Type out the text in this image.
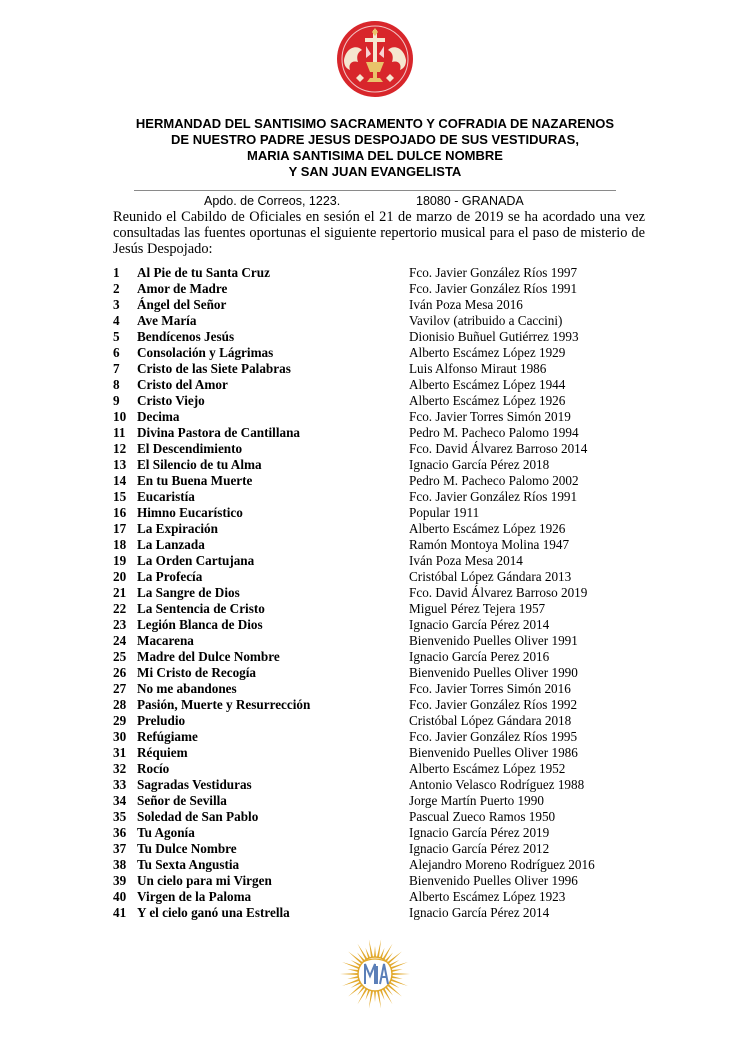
HERMANDAD DEL SANTISIMO SACRAMENTO Y COFRADIA DE NAZARENOS
DE NUESTRO PADRE JESUS DESPOJADO DE SUS VESTIDURAS,
MARIA SANTISIMA DEL DULCE NOMBRE
Y SAN JUAN EVANGELISTA
Apdo. de Correos, 1223.	18080 - GRANADA

Reunido el Cabildo de Oficiales en sesión el 21 de marzo de 2019 se ha acordado una vez consultadas las fuentes oportunas el siguiente repertorio musical para el paso de misterio de Jesús Despojado:

1 Al Pie de tu Santa Cruz	Fco. Javier González Ríos 1997
2 Amor de Madre	Fco. Javier González Ríos 1991
3 Ángel del Señor	Iván Poza Mesa 2016
4 Ave María	Vavilov (atribuido a Caccini)
5 Bendícenos Jesús	Dionisio Buñuel Gutiérrez 1993
6 Consolación y Lágrimas	Alberto Escámez López 1929
7 Cristo de las Siete Palabras	Luis Alfonso Miraut 1986
8 Cristo del Amor	Alberto Escámez López 1944
9 Cristo Viejo	Alberto Escámez López 1926
10 Decima	Fco. Javier Torres Simón 2019
11 Divina Pastora de Cantillana	Pedro M. Pacheco Palomo 1994
12 El Descendimiento	Fco. David Álvarez Barroso 2014
13 El Silencio de tu Alma	Ignacio García Pérez 2018
14 En tu Buena Muerte	Pedro M. Pacheco Palomo 2002
15 Eucaristía	Fco. Javier González Ríos 1991
16 Himno Eucarístico	Popular 1911
17 La Expiración	Alberto Escámez López 1926
18 La Lanzada	Ramón Montoya Molina 1947
19 La Orden Cartujana	Iván Poza Mesa 2014
20 La Profecía	Cristóbal López Gándara 2013
21 La Sangre de Dios	Fco. David Álvarez Barroso 2019
22 La Sentencia de Cristo	Miguel Pérez Tejera 1957
23 Legión Blanca de Dios	Ignacio García Pérez 2014
24 Macarena	Bienvenido Puelles Oliver 1991
25 Madre del Dulce Nombre	Ignacio García Perez 2016
26 Mi Cristo de Recogía	Bienvenido Puelles Oliver 1990
27 No me abandones	Fco. Javier Torres Simón 2016
28 Pasión, Muerte y Resurrección	Fco. Javier González Ríos 1992
29 Preludio	Cristóbal López Gándara 2018
30 Refúgiame	Fco. Javier González Ríos 1995
31 Réquiem	Bienvenido Puelles Oliver 1986
32 Rocío	Alberto Escámez López 1952
33 Sagradas Vestiduras	Antonio Velasco Rodríguez 1988
34 Señor de Sevilla	Jorge Martín Puerto 1990
35 Soledad de San Pablo	Pascual Zueco Ramos 1950
36 Tu Agonía	Ignacio García Pérez 2019
37 Tu Dulce Nombre	Ignacio García Pérez 2012
38 Tu Sexta Angustia	Alejandro Moreno Rodríguez 2016
39 Un cielo para mi Virgen	Bienvenido Puelles Oliver 1996
40 Virgen de la Paloma	Alberto Escámez López 1923
41 Y el cielo ganó una Estrella	Ignacio García Pérez 2014
